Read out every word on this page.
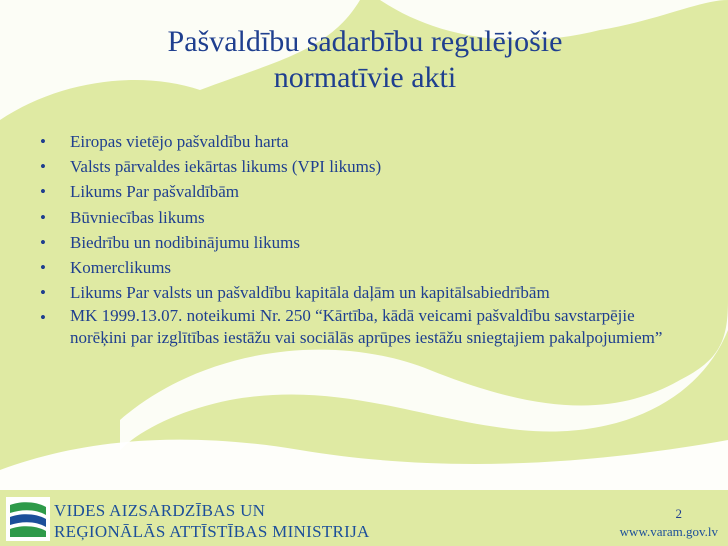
Pašvaldību sadarbību regulējošie
normatīvie akti
• Eiropas vietējo pašvaldību harta
• Valsts pārvaldes iekārtas likums (VPI likums)
• Likums Par pašvaldībām
• Būvniecības likums
• Biedrību un nodibinājumu likums
• Komerclikums
• Likums Par valsts un pašvaldību kapitāla daļām un kapitālsabiedrībām
• MK 1999.13.07. noteikumi Nr. 250 “Kārtība, kādā veicami pašvaldību savstarpējie norēķini par izglītības iestāžu vai sociālās aprūpes iestāžu sniegtajiem pakalpojumiem”
2
VIDES AIZSARDZĪBAS UN
REĢIONĀLĀS ATTĪSTĪBAS MINISTRIJA	www.varam.gov.lv
